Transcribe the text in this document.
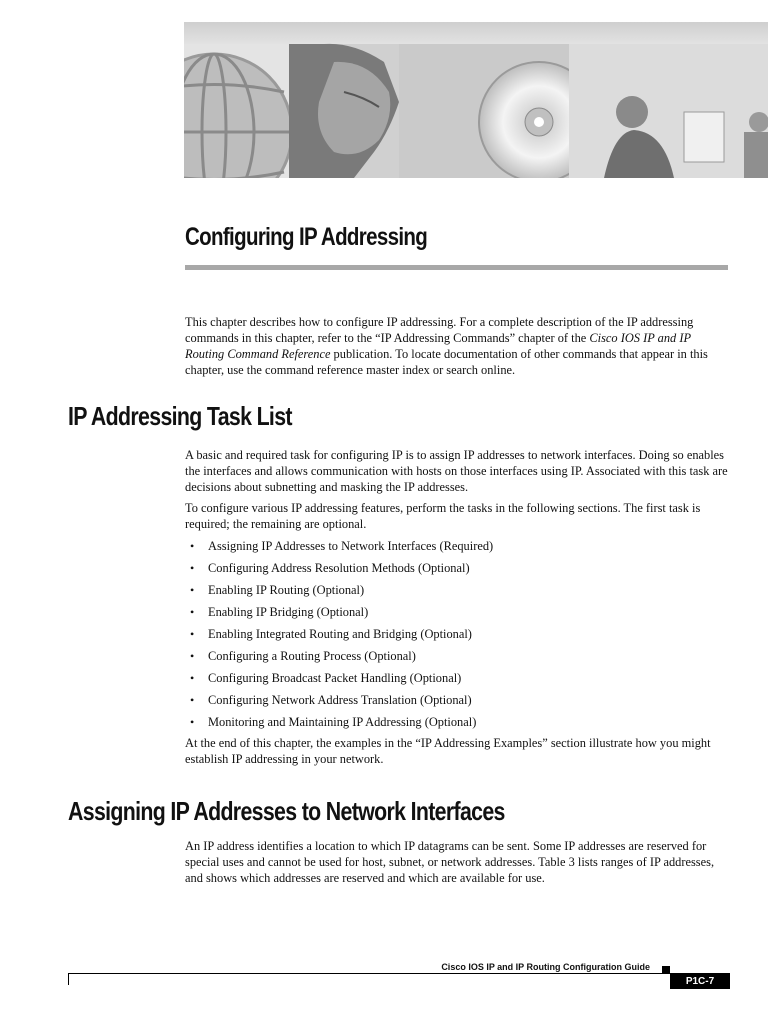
Configuring IP Addressing

This chapter describes how to configure IP addressing. For a complete description of the IP addressing commands in this chapter, refer to the “IP Addressing Commands” chapter of the Cisco IOS IP and IP Routing Command Reference publication. To locate documentation of other commands that appear in this chapter, use the command reference master index or search online.

IP Addressing Task List

A basic and required task for configuring IP is to assign IP addresses to network interfaces. Doing so enables the interfaces and allows communication with hosts on those interfaces using IP. Associated with this task are decisions about subnetting and masking the IP addresses.

To configure various IP addressing features, perform the tasks in the following sections. The first task is required; the remaining are optional.

• Assigning IP Addresses to Network Interfaces (Required)
• Configuring Address Resolution Methods (Optional)
• Enabling IP Routing (Optional)
• Enabling IP Bridging (Optional)
• Enabling Integrated Routing and Bridging (Optional)
• Configuring a Routing Process (Optional)
• Configuring Broadcast Packet Handling (Optional)
• Configuring Network Address Translation (Optional)
• Monitoring and Maintaining IP Addressing (Optional)

At the end of this chapter, the examples in the “IP Addressing Examples” section illustrate how you might establish IP addressing in your network.

Assigning IP Addresses to Network Interfaces

An IP address identifies a location to which IP datagrams can be sent. Some IP addresses are reserved for special uses and cannot be used for host, subnet, or network addresses. Table 3 lists ranges of IP addresses, and shows which addresses are reserved and which are available for use.

Cisco IOS IP and IP Routing Configuration Guide

P1C-7
